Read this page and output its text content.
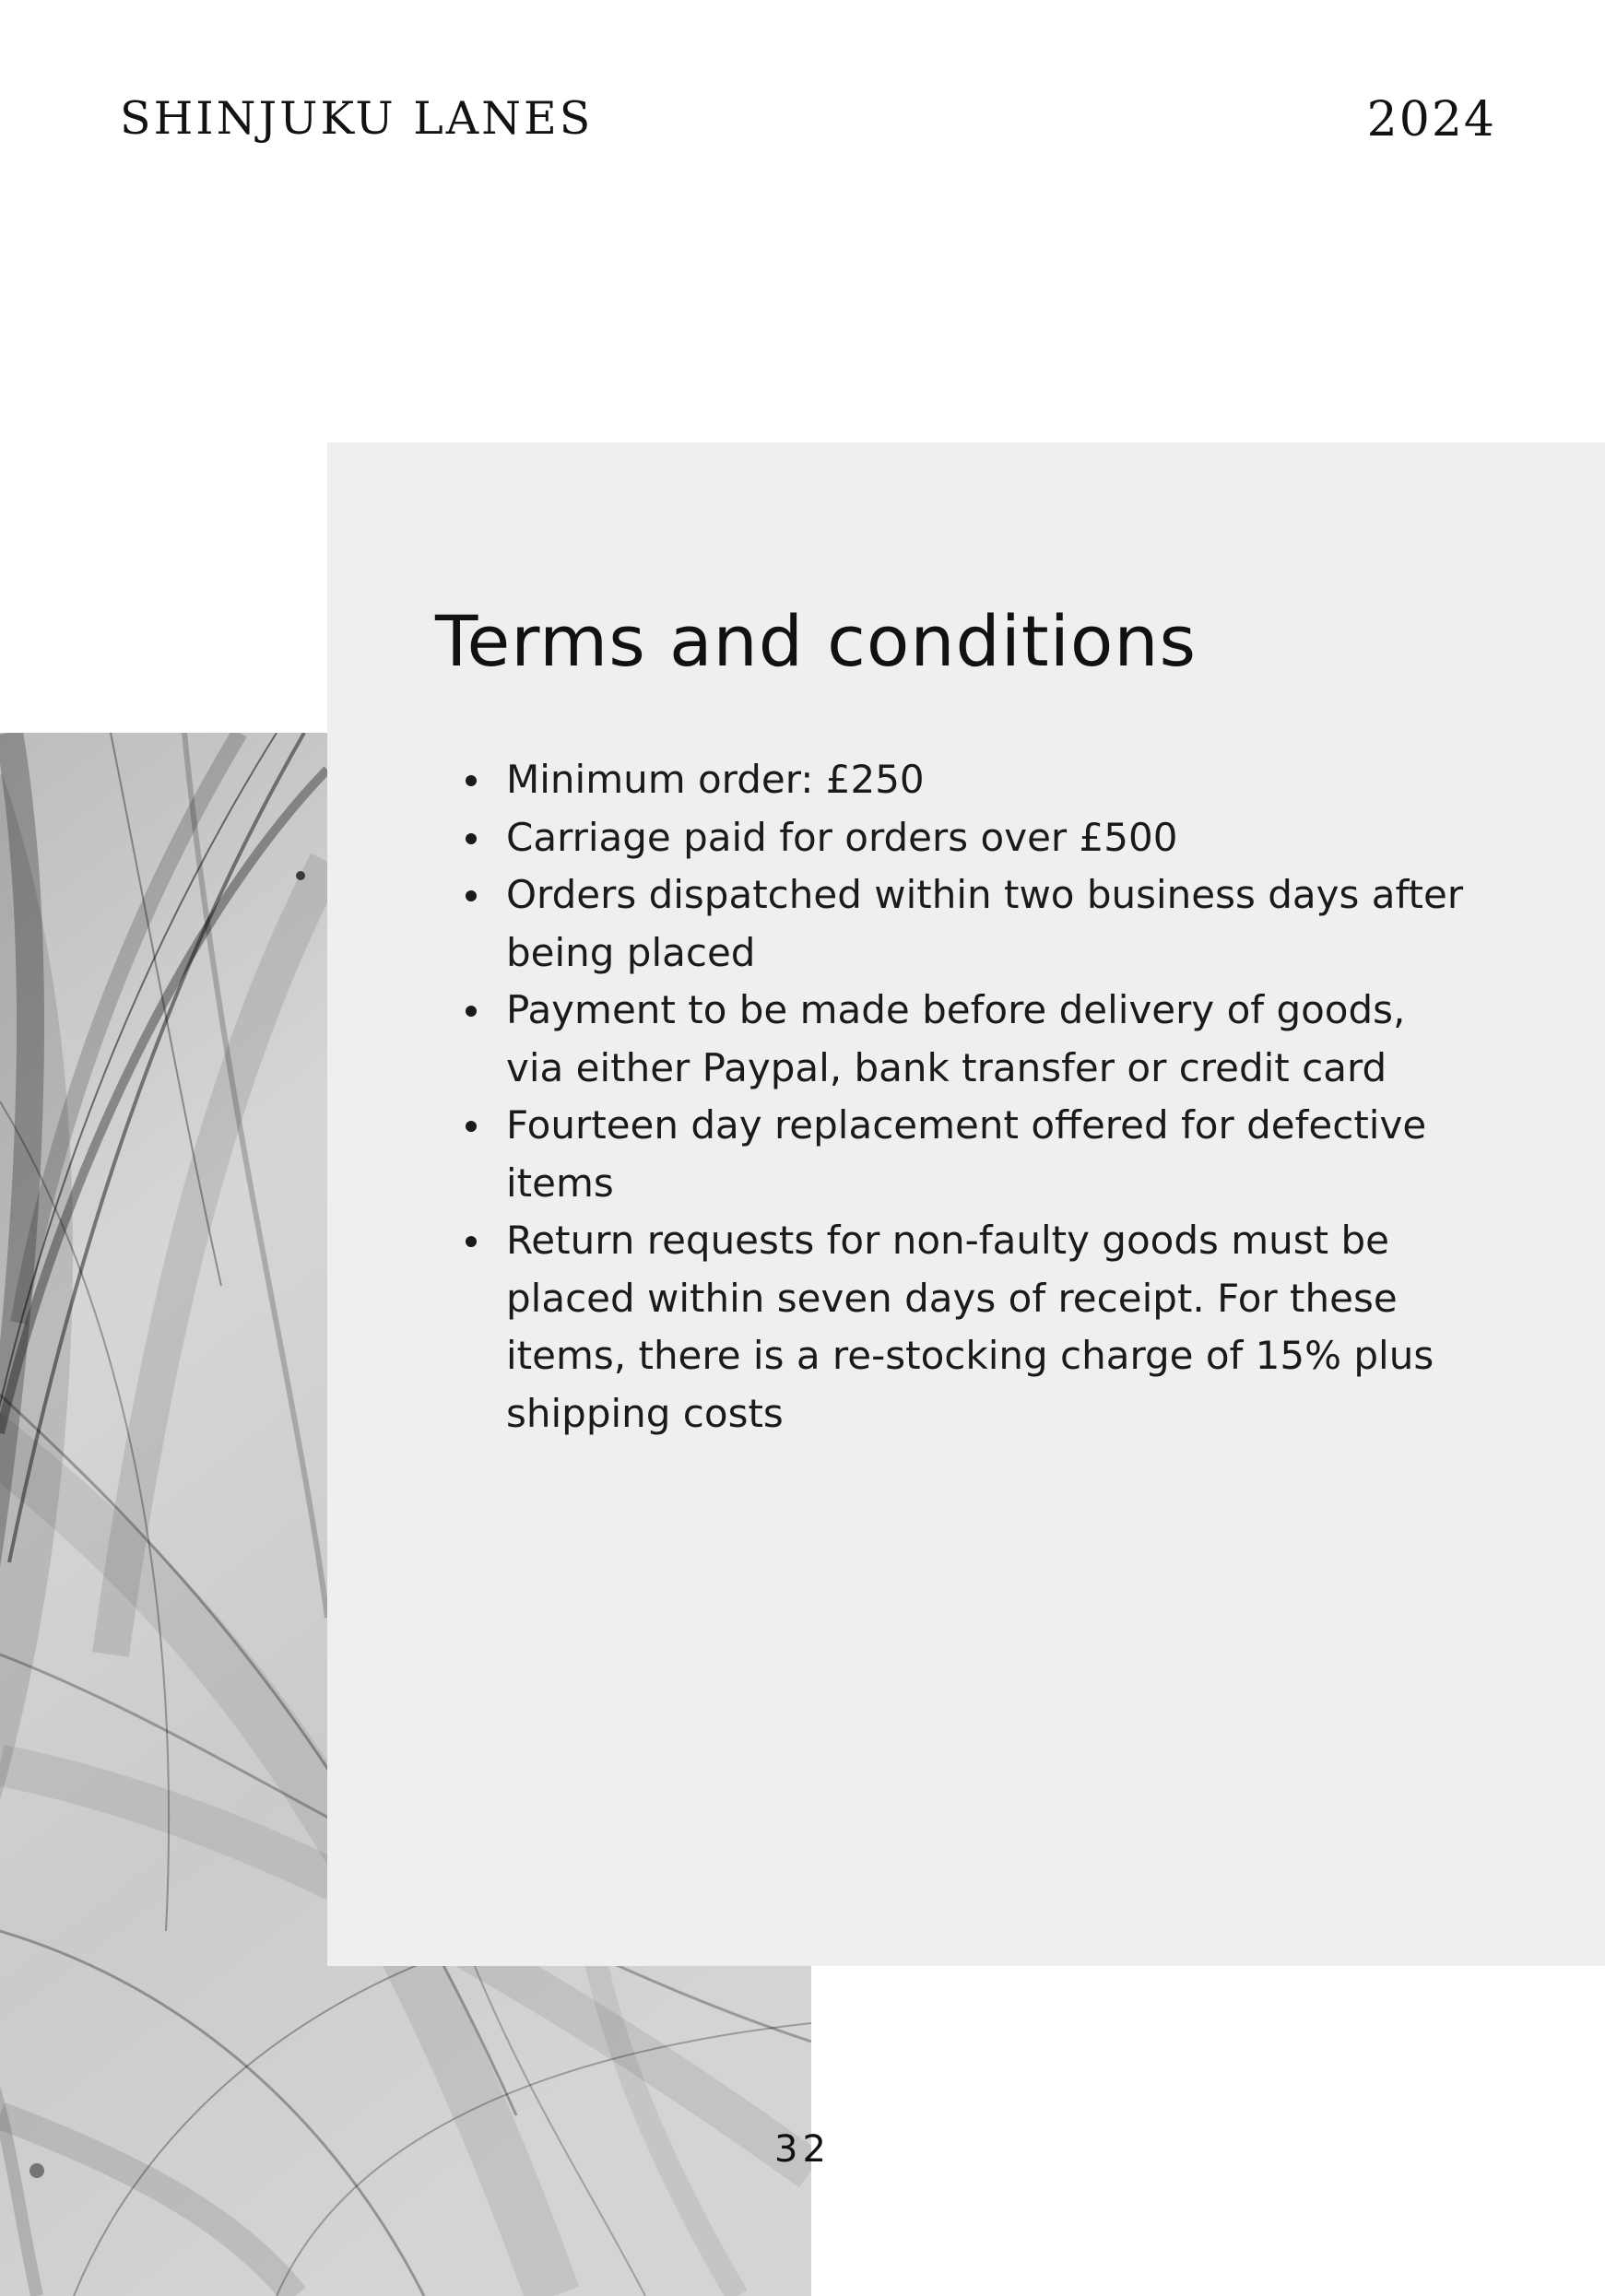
SHINJUKU LANES	2024
Terms and conditions
Minimum order: £250
Carriage paid for orders over £500
Orders dispatched within two business days after being placed
Payment to be made before delivery of goods, via either Paypal, bank transfer or credit card
Fourteen day replacement offered for defective items
Return requests for non-faulty goods must be placed within seven days of receipt. For these items, there is a re-stocking charge of 15% plus shipping costs
32
